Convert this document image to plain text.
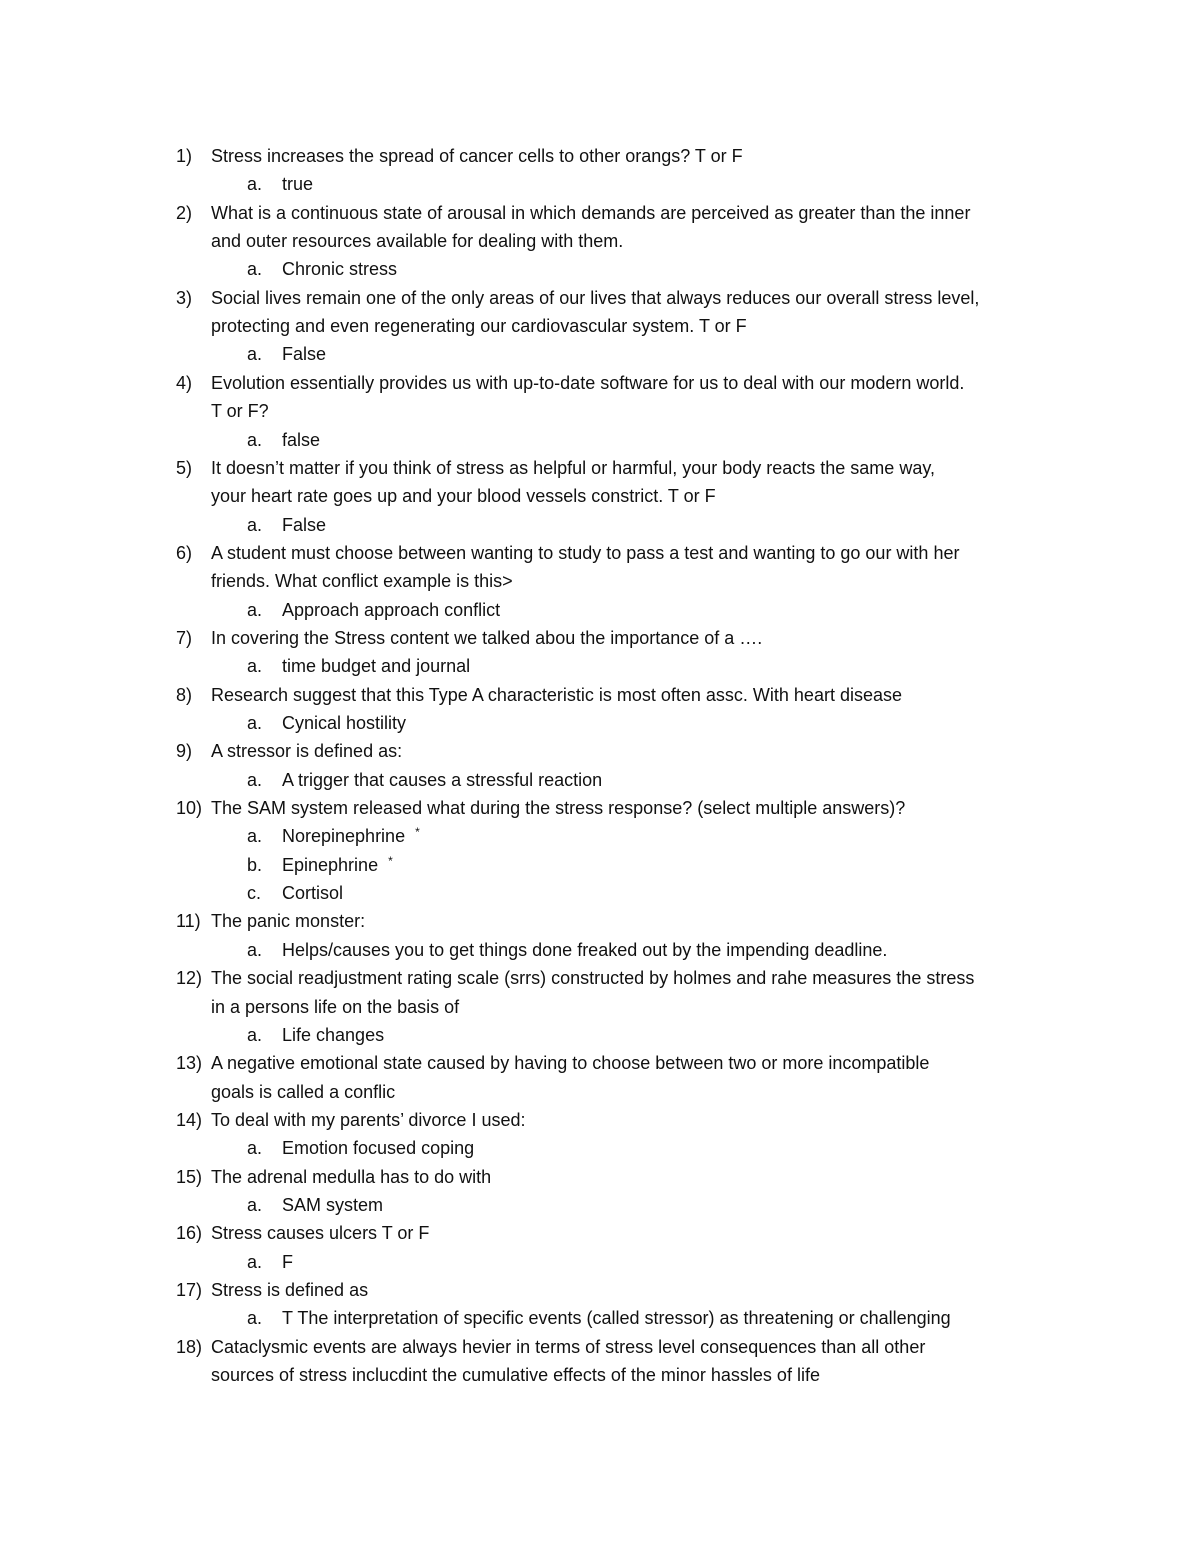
1) Stress increases the spread of cancer cells to other orangs? T or F
a. true
2) What is a continuous state of arousal in which demands are perceived as greater than the inner
and outer resources available for dealing with them.
a. Chronic stress
3) Social lives remain one of the only areas of our lives that always reduces our overall stress level,
protecting and even regenerating our cardiovascular system. T or F
a. False
4) Evolution essentially provides us with up-to-date software for us to deal with our modern world.
T or F?
a. false
5) It doesn’t matter if you think of stress as helpful or harmful, your body reacts the same way,
your heart rate goes up and your blood vessels constrict. T or F
a. False
6) A student must choose between wanting to study to pass a test and wanting to go our with her
friends. What conflict example is this>
a. Approach approach conflict
7) In covering the Stress content we talked abou the importance of a ….
a. time budget and journal
8) Research suggest that this Type A characteristic is most often assc. With heart disease
a. Cynical hostility
9) A stressor is defined as:
a. A trigger that causes a stressful reaction
10) The SAM system released what during the stress response? (select multiple answers)?
a. Norepinephrine *
b. Epinephrine *
c. Cortisol
11) The panic monster:
a. Helps/causes you to get things done freaked out by the impending deadline.
12) The social readjustment rating scale (srrs) constructed by holmes and rahe measures the stress
in a persons life on the basis of
a. Life changes
13) A negative emotional state caused by having to choose between two or more incompatible
goals is called a conflic
14) To deal with my parents’ divorce I used:
a. Emotion focused coping
15) The adrenal medulla has to do with
a. SAM system
16) Stress causes ulcers T or F
a. F
17) Stress is defined as
a. T The interpretation of specific events (called stressor) as threatening or challenging
18) Cataclysmic events are always hevier in terms of stress level consequences than all other
sources of stress inclucdint the cumulative effects of the minor hassles of life
